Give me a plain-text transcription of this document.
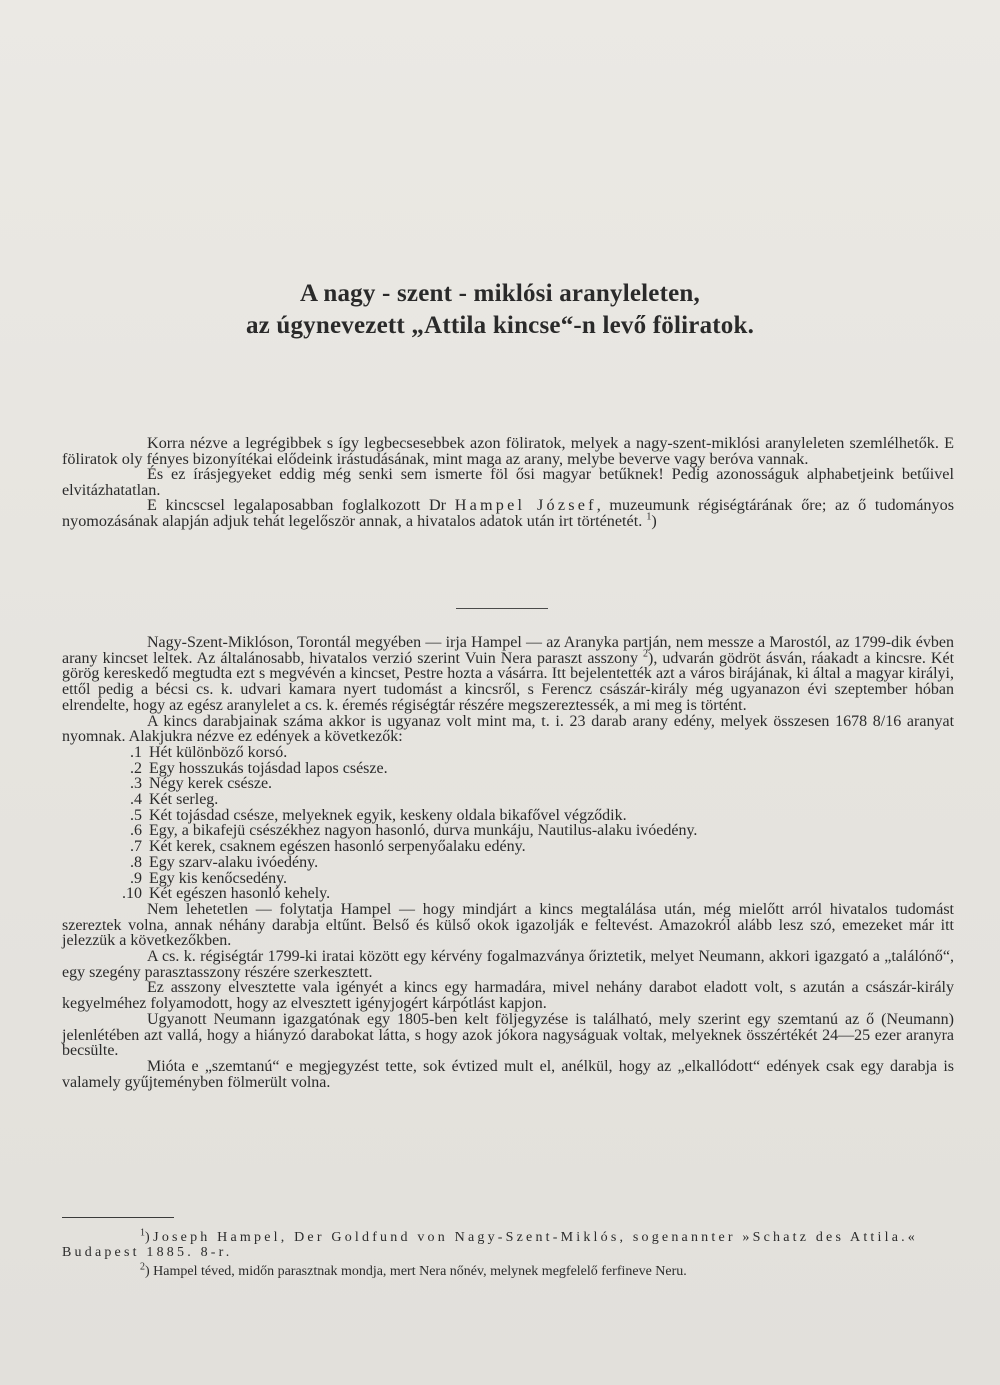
A nagy - szent - miklósi aranyleleten,
az úgynevezett „Attila kincse“-n levő föliratok.

Korra nézve a legrégibbek s így legbecsesebbek azon föliratok, melyek a nagy-szent-miklósi aranyleleten szemlélhetők. E föliratok oly fényes bizonyítékai elődeink irástudásának, mint maga az arany, melybe beverve vagy beróva vannak.

És ez írásjegyeket eddig még senki sem ismerte föl ősi magyar betűknek! Pedig azonosságuk alphabetjeink betűivel elvitázhatatlan.

E kincscsel legalaposabban foglalkozott Dr Hampel József, muzeumunk régiségtárának őre; az ő tudományos nyomozásának alapján adjuk tehát legelőször annak, a hivatalos adatok után irt történetét. $^1$)

Nagy-Szent-Miklóson, Torontál megyében — irja Hampel — az Aranyka partján, nem messze a Marostól, az 1799-dik évben arany kincset leltek. Az általánosabb, hivatalos verzió szerint Vuin Nera paraszt asszony $^2$), udvarán gödröt ásván, ráakadt a kincsre. Két görög kereskedő megtudta ezt s megvévén a kincset, Pestre hozta a vásárra. Itt bejelentették azt a város birájának, ki által a magyar királyi, ettől pedig a bécsi cs. k. udvari kamara nyert tudomást a kincsről, s Ferencz császár-király még ugyanazon évi szeptember hóban elrendelte, hogy az egész aranylelet a cs. k. éremés régiségtár részére megszereztessék, a mi meg is történt.

A kincs darabjainak száma akkor is ugyanaz volt mint ma, t. i. 23 darab arany edény, melyek összesen 1678 8/16 aranyat nyomnak. Alakjukra nézve ez edények a következők:

1. Hét különböző korsó.
2. Egy hosszukás tojásdad lapos csésze.
3. Négy kerek csésze.
4. Két serleg.
5. Két tojásdad csésze, melyeknek egyik, keskeny oldala bikafővel végződik.
6. Egy, a bikafejü csészékhez nagyon hasonló, durva munkáju, Nautilus-alaku ivóedény.
7. Két kerek, csaknem egészen hasonló serpenyőalaku edény.
8. Egy szarv-alaku ivóedény.
9. Egy kis kenőcsedény.
10. Két egészen hasonló kehely.

Nem lehetetlen — folytatja Hampel — hogy mindjárt a kincs megtalálása után, még mielőtt arról hivatalos tudomást szereztek volna, annak néhány darabja eltűnt. Belső és külső okok igazolják e feltevést. Amazokról alább lesz szó, emezeket már itt jelezzük a következőkben.

A cs. k. régiségtár 1799-ki iratai között egy kérvény fogalmazványa őriztetik, melyet Neumann, akkori igazgató a „találónő“, egy szegény parasztasszony részére szerkesztett.

Ez asszony elvesztette vala igényét a kincs egy harmadára, mivel nehány darabot eladott volt, s azután a császár-király kegyelméhez folyamodott, hogy az elvesztett igényjogért kárpótlást kapjon.

Ugyanott Neumann igazgatónak egy 1805-ben kelt följegyzése is található, mely szerint egy szemtanú az ő (Neumann) jelenlétében azt vallá, hogy a hiányzó darabokat látta, s hogy azok jókora nagyságuak voltak, melyeknek összértékét 24—25 ezer aranyra becsülte.

Mióta e „szemtanú“ e megjegyzést tette, sok évtized mult el, anélkül, hogy az „elkallódott“ edények csak egy darabja is valamely gyűjteményben fölmerült volna.

$^1$) Joseph Hampel, Der Goldfund von Nagy-Szent-Miklós, sogenannter »Schatz des Attila.« Budapest 1885. 8-r.

$^2$) Hampel téved, midőn parasztnak mondja, mert Nera nőnév, melynek megfelelő ferfineve Neru.
